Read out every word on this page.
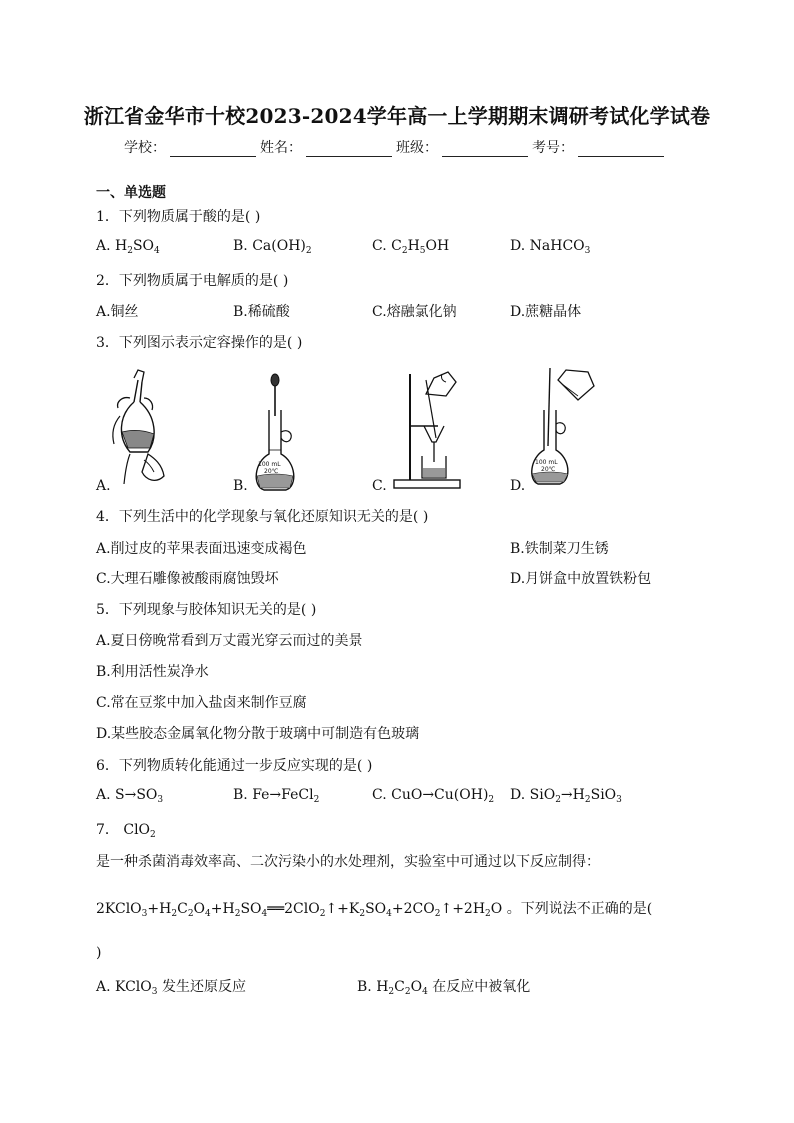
浙江省金华市十校2023-2024学年高一上学期期末调研考试化学试卷
学校：	姓名：	班级：	考号：
一、单选题
1．下列物质属于酸的是( )
A. $H_2SO_4$	B. $Ca(OH)_2$	C. $C_2H_5OH$	D. NaHCO$_3$
2．下列物质属于电解质的是( )
A.铜丝	B.稀硫酸	C.熔融氯化钠	D.蔗糖晶体
3．下列图示表示定容操作的是( )
A.
100 mL
20℃
B.	C.
100 mL
20℃
D.
4．下列生活中的化学现象与氧化还原知识无关的是( )
A.削过皮的苹果表面迅速变成褐色	B.铁制菜刀生锈
C.大理石雕像被酸雨腐蚀毁坏	D.月饼盒中放置铁粉包
5．下列现象与胶体知识无关的是( )
A.夏日傍晚常看到万丈霞光穿云而过的美景
B.利用活性炭净水
C.常在豆浆中加入盐卤来制作豆腐
D.某些胶态金属氧化物分散于玻璃中可制造有色玻璃
6．下列物质转化能通过一步反应实现的是( )
A. $S\to SO_3$	B. Fe→FeCl$_2$	C. $CuO\to Cu(OH)_2$ D. $SiO_2\to H_2SiO_3$
7． ClO$_2$
是一种杀菌消毒效率高、二次污染小的水处理剂，实验室中可通过以下反应制得：
$2KClO_3+H_2C_2O_4+H_2SO_4══2ClO_2↑+K_2SO_4+2CO_2↑+2H_2O$ 。下列说法不正确的是(
)
A. KClO$_3$ 发生还原反应	B. $H_2C_2O_4$ 在反应中被氧化
